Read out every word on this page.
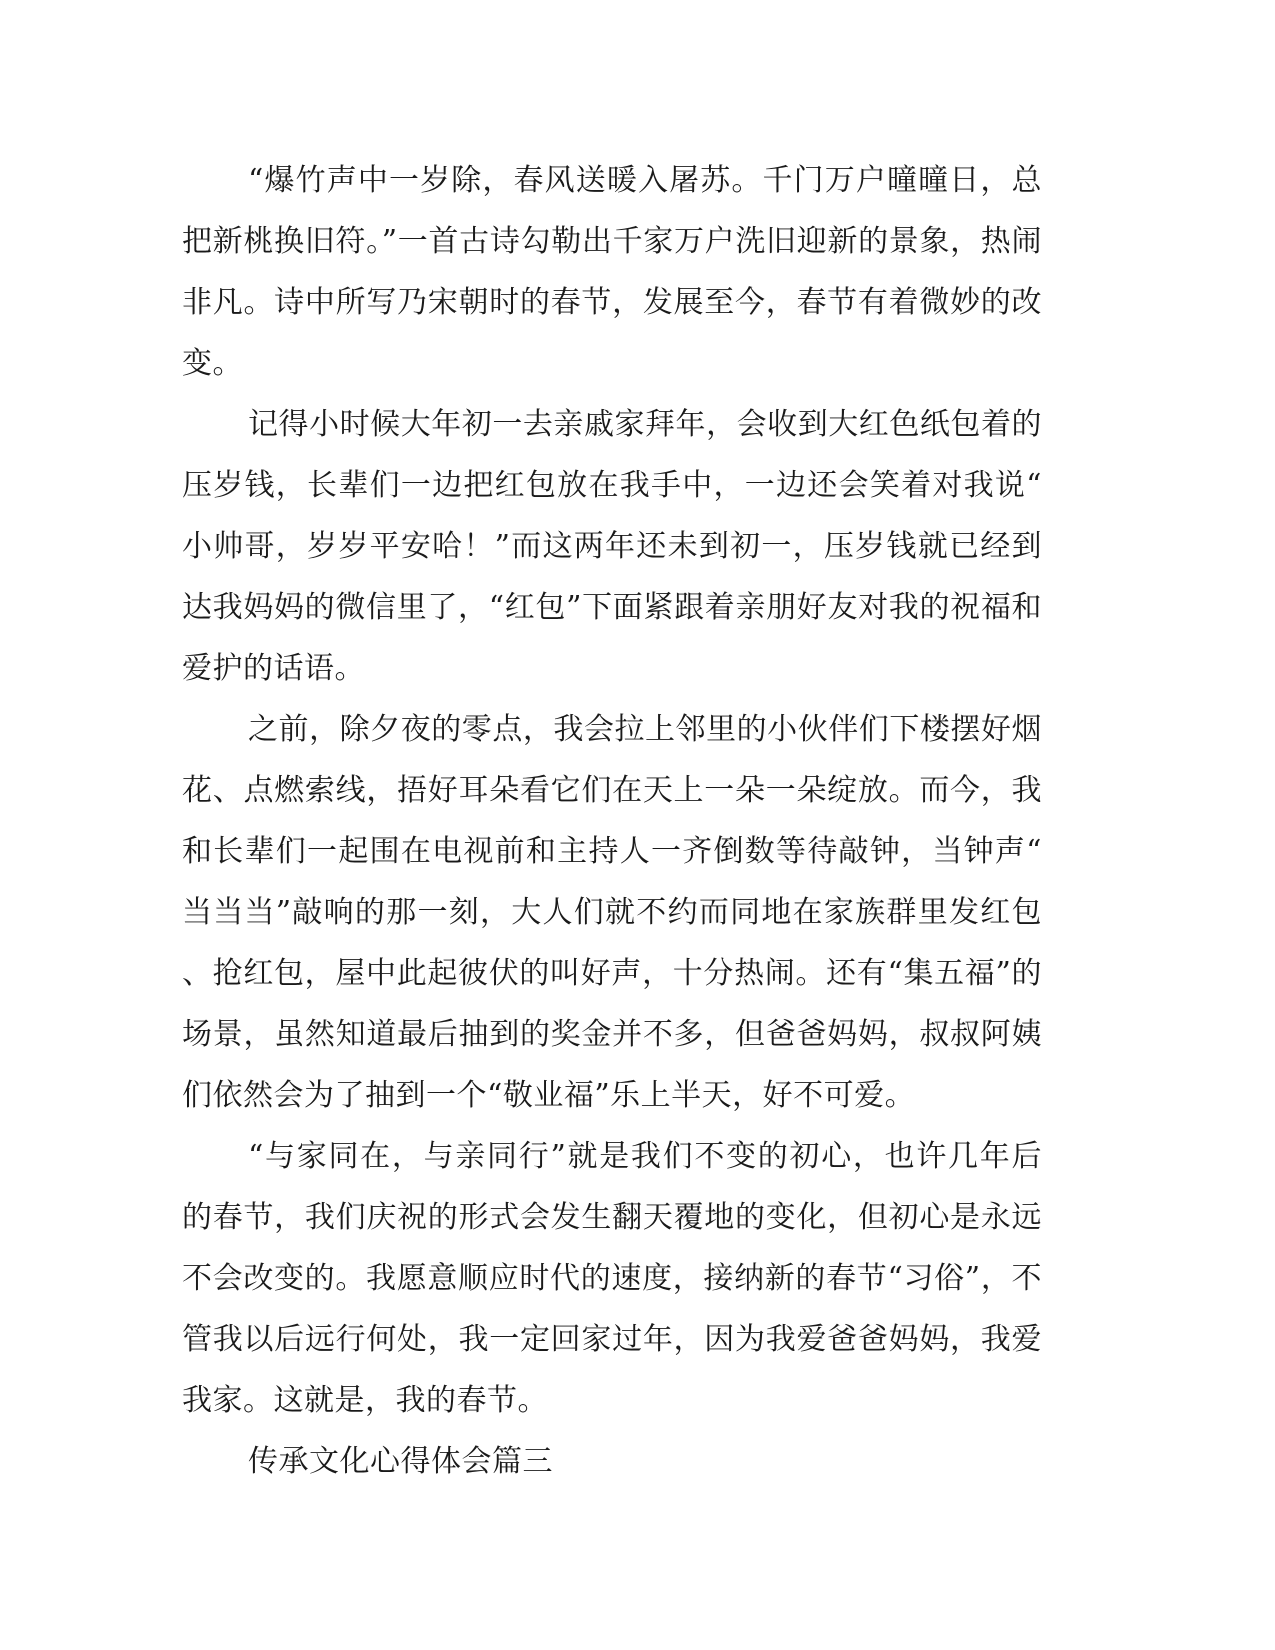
“爆竹声中一岁除，春风送暖入屠苏。千门万户曈曈日，总把新桃换旧符。”一首古诗勾勒出千家万户洗旧迎新的景象，热闹非凡。诗中所写乃宋朝时的春节，发展至今，春节有着微妙的改变。

记得小时候大年初一去亲戚家拜年，会收到大红色纸包着的压岁钱，长辈们一边把红包放在我手中，一边还会笑着对我说“小帅哥，岁岁平安哈！”而这两年还未到初一，压岁钱就已经到达我妈妈的微信里了，“红包”下面紧跟着亲朋好友对我的祝福和爱护的话语。

之前，除夕夜的零点，我会拉上邻里的小伙伴们下楼摆好烟花、点燃索线，捂好耳朵看它们在天上一朵一朵绽放。而今，我和长辈们一起围在电视前和主持人一齐倒数等待敲钟，当钟声“当当当”敲响的那一刻，大人们就不约而同地在家族群里发红包、抢红包，屋中此起彼伏的叫好声，十分热闹。还有“集五福”的场景，虽然知道最后抽到的奖金并不多，但爸爸妈妈，叔叔阿姨们依然会为了抽到一个“敬业福”乐上半天，好不可爱。

“与家同在，与亲同行”就是我们不变的初心，也许几年后的春节，我们庆祝的形式会发生翻天覆地的变化，但初心是永远不会改变的。我愿意顺应时代的速度，接纳新的春节“习俗”，不管我以后远行何处，我一定回家过年，因为我爱爸爸妈妈，我爱我家。这就是，我的春节。

传承文化心得体会篇三
